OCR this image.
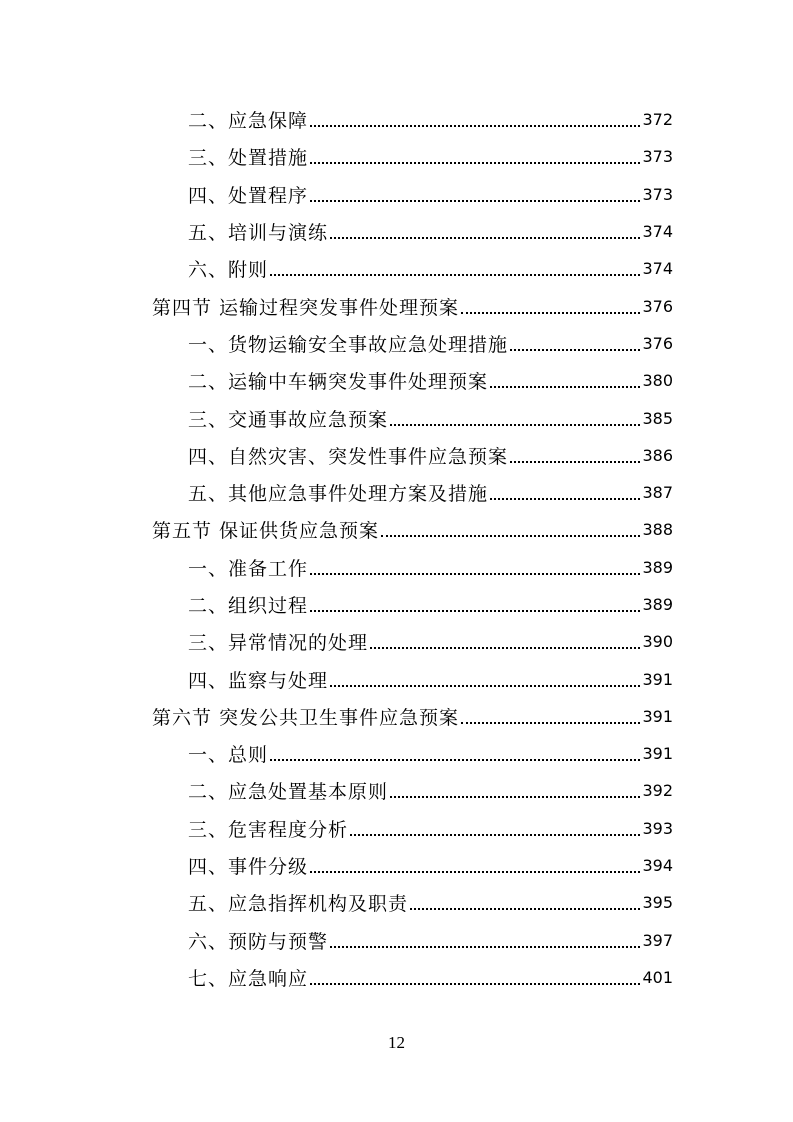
二、应急保障	372
三、处置措施	373
四、处置程序	373
五、培训与演练	374
六、附则	374
第四节 运输过程突发事件处理预案	376
一、货物运输安全事故应急处理措施	376
二、运输中车辆突发事件处理预案	380
三、交通事故应急预案	385
四、自然灾害、突发性事件应急预案	386
五、其他应急事件处理方案及措施	387
第五节 保证供货应急预案	388
一、准备工作	389
二、组织过程	389
三、异常情况的处理	390
四、监察与处理	391
第六节 突发公共卫生事件应急预案	391
一、总则	391
二、应急处置基本原则	392
三、危害程度分析	393
四、事件分级	394
五、应急指挥机构及职责	395
六、预防与预警	397
七、应急响应	401
12
